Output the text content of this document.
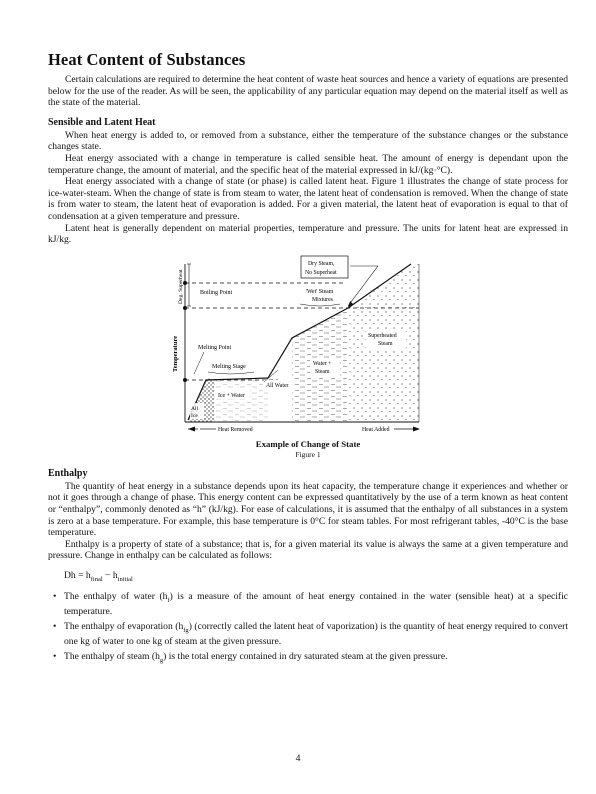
Heat Content of Substances

Certain calculations are required to determine the heat content of waste heat sources and hence a variety of equations are presented below for the use of the reader. As will be seen, the applicability of any particular equation may depend on the material itself as well as the state of the material.

Sensible and Latent Heat

When heat energy is added to, or removed from a substance, either the temperature of the substance changes or the substance changes state.

Heat energy associated with a change in temperature is called sensible heat. The amount of energy is dependant upon the temperature change, the amount of material, and the specific heat of the material expressed in kJ/(kg·°C).

Heat energy associated with a change of state (or phase) is called latent heat. Figure 1 illustrates the change of state process for ice-water-steam. When the change of state is from steam to water, the latent heat of condensation is removed. When the change of state is from water to steam, the latent heat of evaporation is added. For a given material, the latent heat of evaporation is equal to that of condensation at a given temperature and pressure.

Latent heat is generally dependent on material properties, temperature and pressure. The units for latent heat are expressed in kJ/kg.

Deg. Superheat
Temperature
Boiling Point
Dry Steam,
No Superheat
'Wet' Steam
Mixtures
Superheated
Steam
Water +
Steam
Melting Point
Melting Stage
All Water
Ice + Water
All
Ice
Heat Removed	Heat Added
Example of Change of State
Figure 1
Enthalpy

The quantity of heat energy in a substance depends upon its heat capacity, the temperature change it experiences and whether or not it goes through a change of phase. This energy content can be expressed quantitatively by the use of a term known as heat content or “enthalpy”, commonly denoted as “h” (kJ/kg). For ease of calculations, it is assumed that the enthalpy of all substances in a system is zero at a base temperature. For example, this base temperature is 0°C for steam tables. For most refrigerant tables, -40°C is the base temperature.

Enthalpy is a property of state of a substance; that is, for a given material its value is always the same at a given temperature and pressure. Change in enthalpy can be calculated as follows:

$Dh = h_{final} - h_{initial}$
• The enthalpy of water $(h_f)$ is a measure of the amount of heat energy contained in the water (sensible heat) at a specific temperature.
• The enthalpy of evaporation $(h_{fg})$ (correctly called the latent heat of vaporization) is the quantity of heat energy required to convert one kg of water to one kg of steam at the given pressure.
• The enthalpy of steam $(h_g)$ is the total energy contained in dry saturated steam at the given pressure.
4
